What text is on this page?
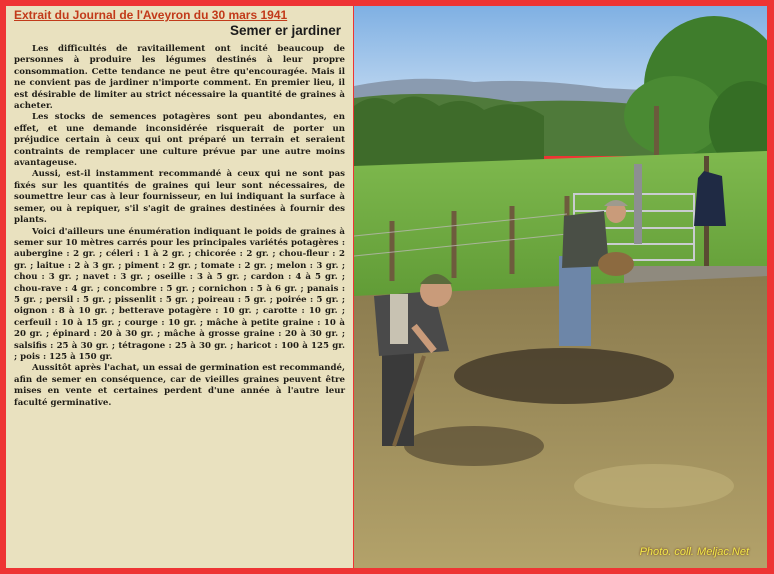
Extrait du Journal de l'Aveyron du 30 mars 1941
Semer er jardiner

Les difficultés de ravitaillement ont incité beaucoup de personnes à produire les légumes destinés à leur propre consommation. Cette tendance ne peut être qu'encouragée. Mais il ne convient pas de jardiner n'importe comment. En premier lieu, il est désirable de limiter au strict nécessaire la quantité de graines à acheter.

Les stocks de semences potagères sont peu abondantes, en effet, et une demande inconsidérée risquerait de porter un préjudice certain à ceux qui ont préparé un terrain et seraient contraints de remplacer une culture prévue par une autre moins avantageuse.

Aussi, est-il instamment recommandé à ceux qui ne sont pas fixés sur les quantités de graines qui leur sont nécessaires, de soumettre leur cas à leur fournisseur, en lui indiquant la surface à semer, ou à repiquer, s'il s'agit de graines destinées à fournir des plants.

Voici d'ailleurs une énumération indiquant le poids de graines à semer sur 10 mètres carrés pour les principales variétés potagères : aubergine : 2 gr. ; céleri : 1 à 2 gr. ; chicorée : 2 gr. ; chou-fleur : 2 gr. ; laitue : 2 à 3 gr. ; piment : 2 gr. ; tomate : 2 gr. ; melon : 3 gr. ; chou : 3 gr. ; navet : 3 gr. ; oseille : 3 à 5 gr. ; cardon : 4 à 5 gr. ; chou-rave : 4 gr. ; concombre : 5 gr. ; cornichon : 5 à 6 gr. ; panais : 5 gr. ; persil : 5 gr. ; pissenlit : 5 gr. ; poireau : 5 gr. ; poirée : 5 gr. ; oignon : 8 à 10 gr. ; betterave potagère : 10 gr. ; carotte : 10 gr. ; cerfeuil : 10 à 15 gr. ; courge : 10 gr. ; mâche à petite graine : 10 à 20 gr. ; épinard : 20 à 30 gr. ; mâche à grosse graine : 20 à 30 gr. ; salsifis : 25 à 30 gr. ; tétragone : 25 à 30 gr. ; haricot : 100 à 125 gr. ; pois : 125 à 150 gr.

Aussitôt après l'achat, un essai de germination est recommandé, afin de semer en conséquence, car de vieilles graines peuvent être mises en vente et certaines perdent d'une année à l'autre leur faculté germinative.

Photo. coll. Meljac.Net
